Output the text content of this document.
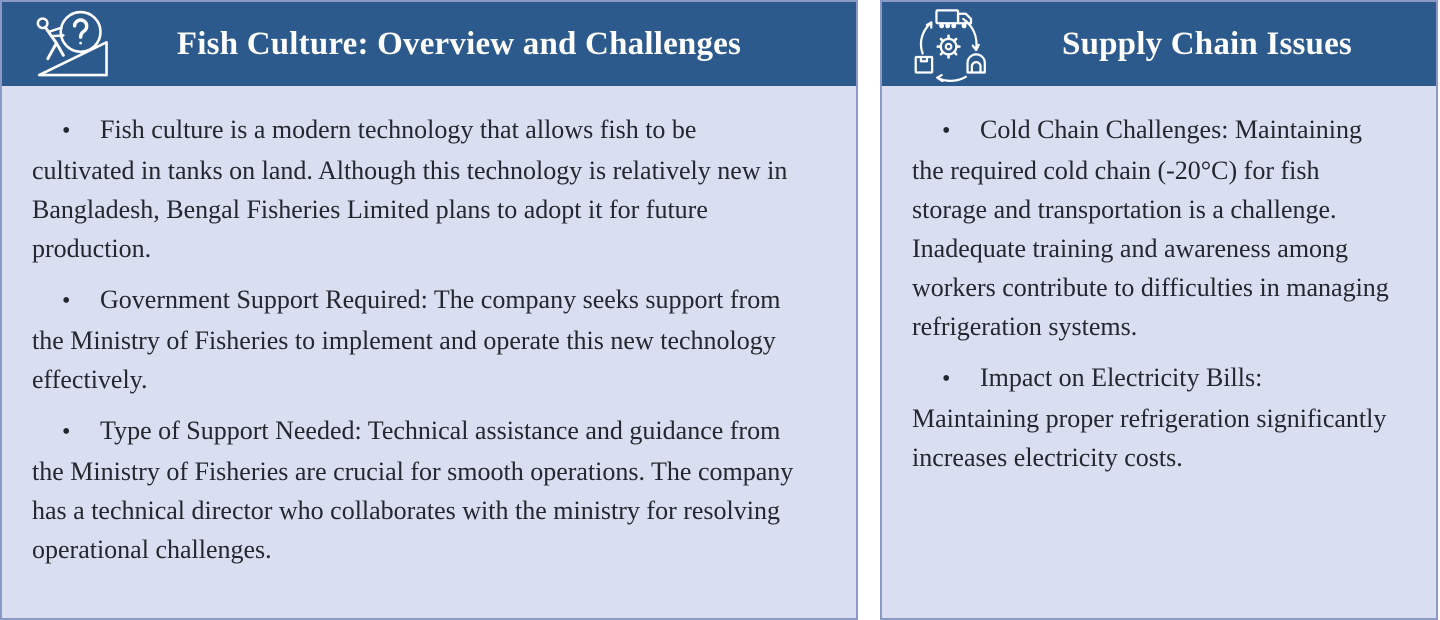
Fish Culture: Overview and Challenges

• Fish culture is a modern technology that allows fish to be cultivated in tanks on land. Although this technology is relatively new in Bangladesh, Bengal Fisheries Limited plans to adopt it for future production.

• Government Support Required: The company seeks support from the Ministry of Fisheries to implement and operate this new technology effectively.

• Type of Support Needed: Technical assistance and guidance from the Ministry of Fisheries are crucial for smooth operations. The company has a technical director who collaborates with the ministry for resolving operational challenges.

Supply Chain Issues

• Cold Chain Challenges: Maintaining the required cold chain (-20°C) for fish storage and transportation is a challenge. Inadequate training and awareness among workers contribute to difficulties in managing refrigeration systems.

• Impact on Electricity Bills: Maintaining proper refrigeration significantly increases electricity costs.
